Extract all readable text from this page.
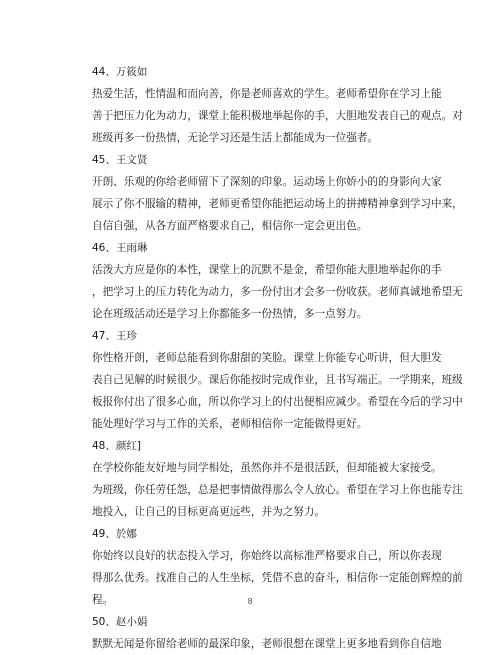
44、万筱如
热爱生活，性情温和而向善，你是老师喜欢的学生。老师希望你在学习上能
善于把压力化为动力，课堂上能积极地举起你的手，大胆地发表自己的观点。对
班级再多一份热情，无论学习还是生活上都能成为一位强者。
45、王文贤
开朗、乐观的你给老师留下了深刻的印象。运动场上你娇小的的身影向大家
展示了你不服输的精神，老师更希望你能把运动场上的拼搏精神拿到学习中来，
自信自强，从各方面严格要求自己，相信你一定会更出色。
46、王雨琳
活泼大方应是你的本性，课堂上的沉默不是金，希望你能大胆地举起你的手
，把学习上的压力转化为动力，多一份付出才会多一份收获。老师真诚地希望无
论在班级活动还是学习上你都能多一份热情，多一点努力。
47、王珍
你性格开朗，老师总能看到你甜甜的笑脸。课堂上你能专心听讲，但大胆发
表自己见解的时候很少。课后你能按时完成作业，且书写端正。一学期来，班级
板报你付出了很多心血，所以你学习上的付出便相应减少。希望在今后的学习中
能处理好学习与工作的关系，老师相信你一定能做得更好。
48、颜红]
在学校你能友好地与同学相处，虽然你并不是很活跃，但却能被大家接受。
为班级，你任劳任怨，总是把事情做得那么令人放心。希望在学习上你也能专注
地投入，让自己的目标更高更远些，并为之努力。
49、於娜
你始终以良好的状态投入学习，你始终以高标准严格要求自己，所以你表现
得那么优秀。找准自己的人生坐标，凭借不息的奋斗，相信你一定能创辉煌的前
程。
50、赵小娟
默默无闻是你留给老师的最深印象，老师很想在课堂上更多地看到你自信地
8
